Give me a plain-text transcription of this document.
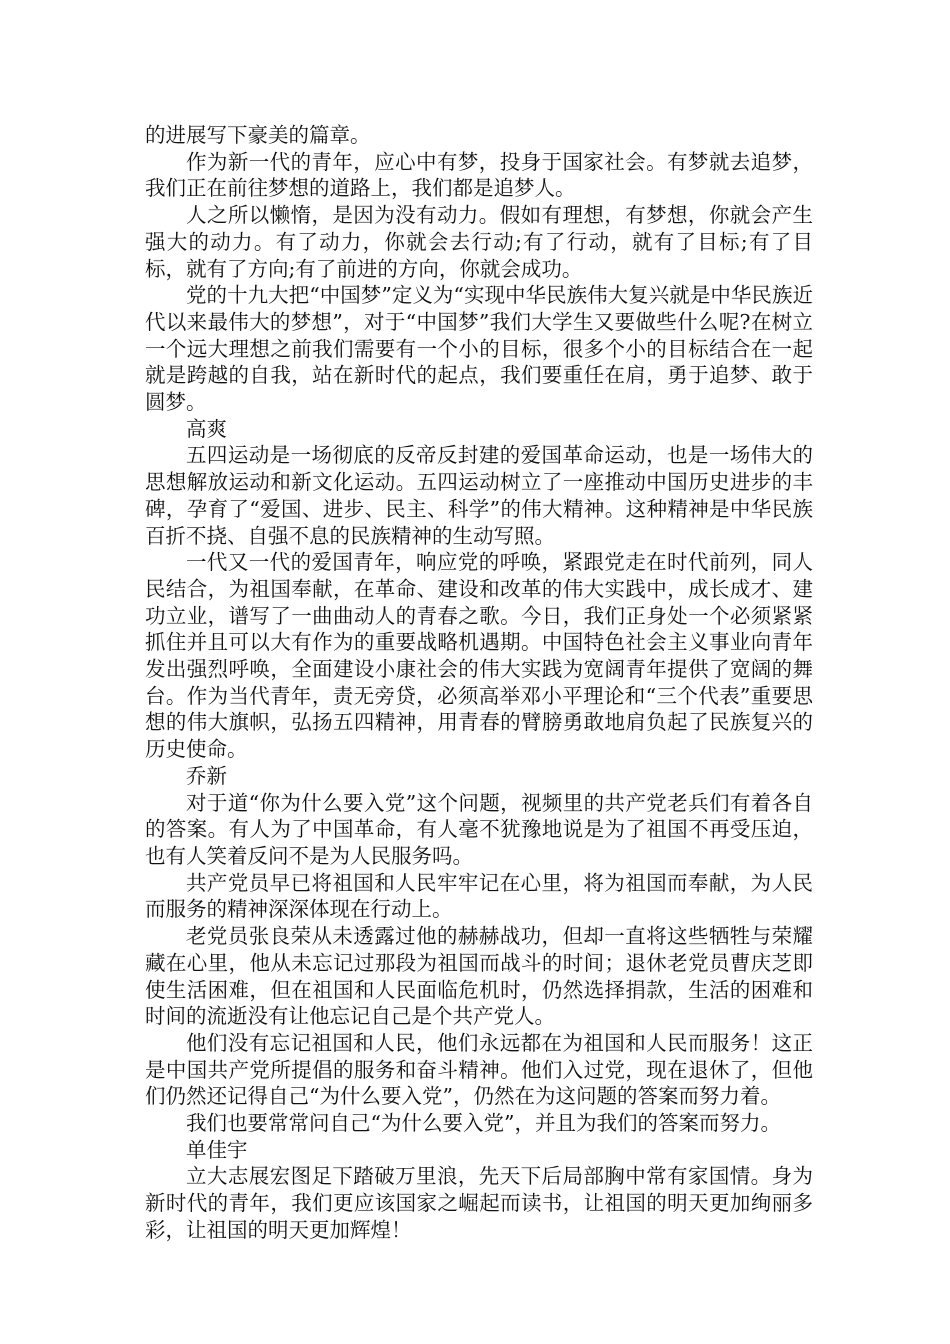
的进展写下豪美的篇章。

作为新一代的青年，应心中有梦，投身于国家社会。有梦就去追梦，我们正在前往梦想的道路上，我们都是追梦人。

人之所以懒惰，是因为没有动力。假如有理想，有梦想，你就会产生强大的动力。有了动力，你就会去行动;有了行动，就有了目标;有了目标，就有了方向;有了前进的方向，你就会成功。

党的十九大把“中国梦”定义为“实现中华民族伟大复兴就是中华民族近代以来最伟大的梦想”，对于“中国梦”我们大学生又要做些什么呢?在树立一个远大理想之前我们需要有一个小的目标，很多个小的目标结合在一起就是跨越的自我，站在新时代的起点，我们要重任在肩，勇于追梦、敢于圆梦。

高爽

五四运动是一场彻底的反帝反封建的爱国革命运动，也是一场伟大的思想解放运动和新文化运动。五四运动树立了一座推动中国历史进步的丰碑，孕育了“爱国、进步、民主、科学”的伟大精神。这种精神是中华民族百折不挠、自强不息的民族精神的生动写照。

一代又一代的爱国青年，响应党的呼唤，紧跟党走在时代前列，同人民结合，为祖国奉献，在革命、建设和改革的伟大实践中，成长成才、建功立业，谱写了一曲曲动人的青春之歌。今日，我们正身处一个必须紧紧抓住并且可以大有作为的重要战略机遇期。中国特色社会主义事业向青年发出强烈呼唤，全面建设小康社会的伟大实践为宽阔青年提供了宽阔的舞台。作为当代青年，责无旁贷，必须高举邓小平理论和“三个代表”重要思想的伟大旗帜，弘扬五四精神，用青春的臂膀勇敢地肩负起了民族复兴的历史使命。

乔新

对于道“你为什么要入党”这个问题，视频里的共产党老兵们有着各自的答案。有人为了中国革命，有人毫不犹豫地说是为了祖国不再受压迫，也有人笑着反问不是为人民服务吗。

共产党员早已将祖国和人民牢牢记在心里，将为祖国而奉献，为人民而服务的精神深深体现在行动上。

老党员张良荣从未透露过他的赫赫战功，但却一直将这些牺牲与荣耀藏在心里，他从未忘记过那段为祖国而战斗的时间；退休老党员曹庆芝即使生活困难，但在祖国和人民面临危机时，仍然选择捐款，生活的困难和时间的流逝没有让他忘记自己是个共产党人。

他们没有忘记祖国和人民，他们永远都在为祖国和人民而服务！这正是中国共产党所提倡的服务和奋斗精神。他们入过党，现在退休了，但他们仍然还记得自己“为什么要入党”，仍然在为这问题的答案而努力着。

我们也要常常问自己“为什么要入党”，并且为我们的答案而努力。

单佳宇

立大志展宏图足下踏破万里浪，先天下后局部胸中常有家国情。身为新时代的青年，我们更应该国家之崛起而读书，让祖国的明天更加绚丽多彩，让祖国的明天更加辉煌！
